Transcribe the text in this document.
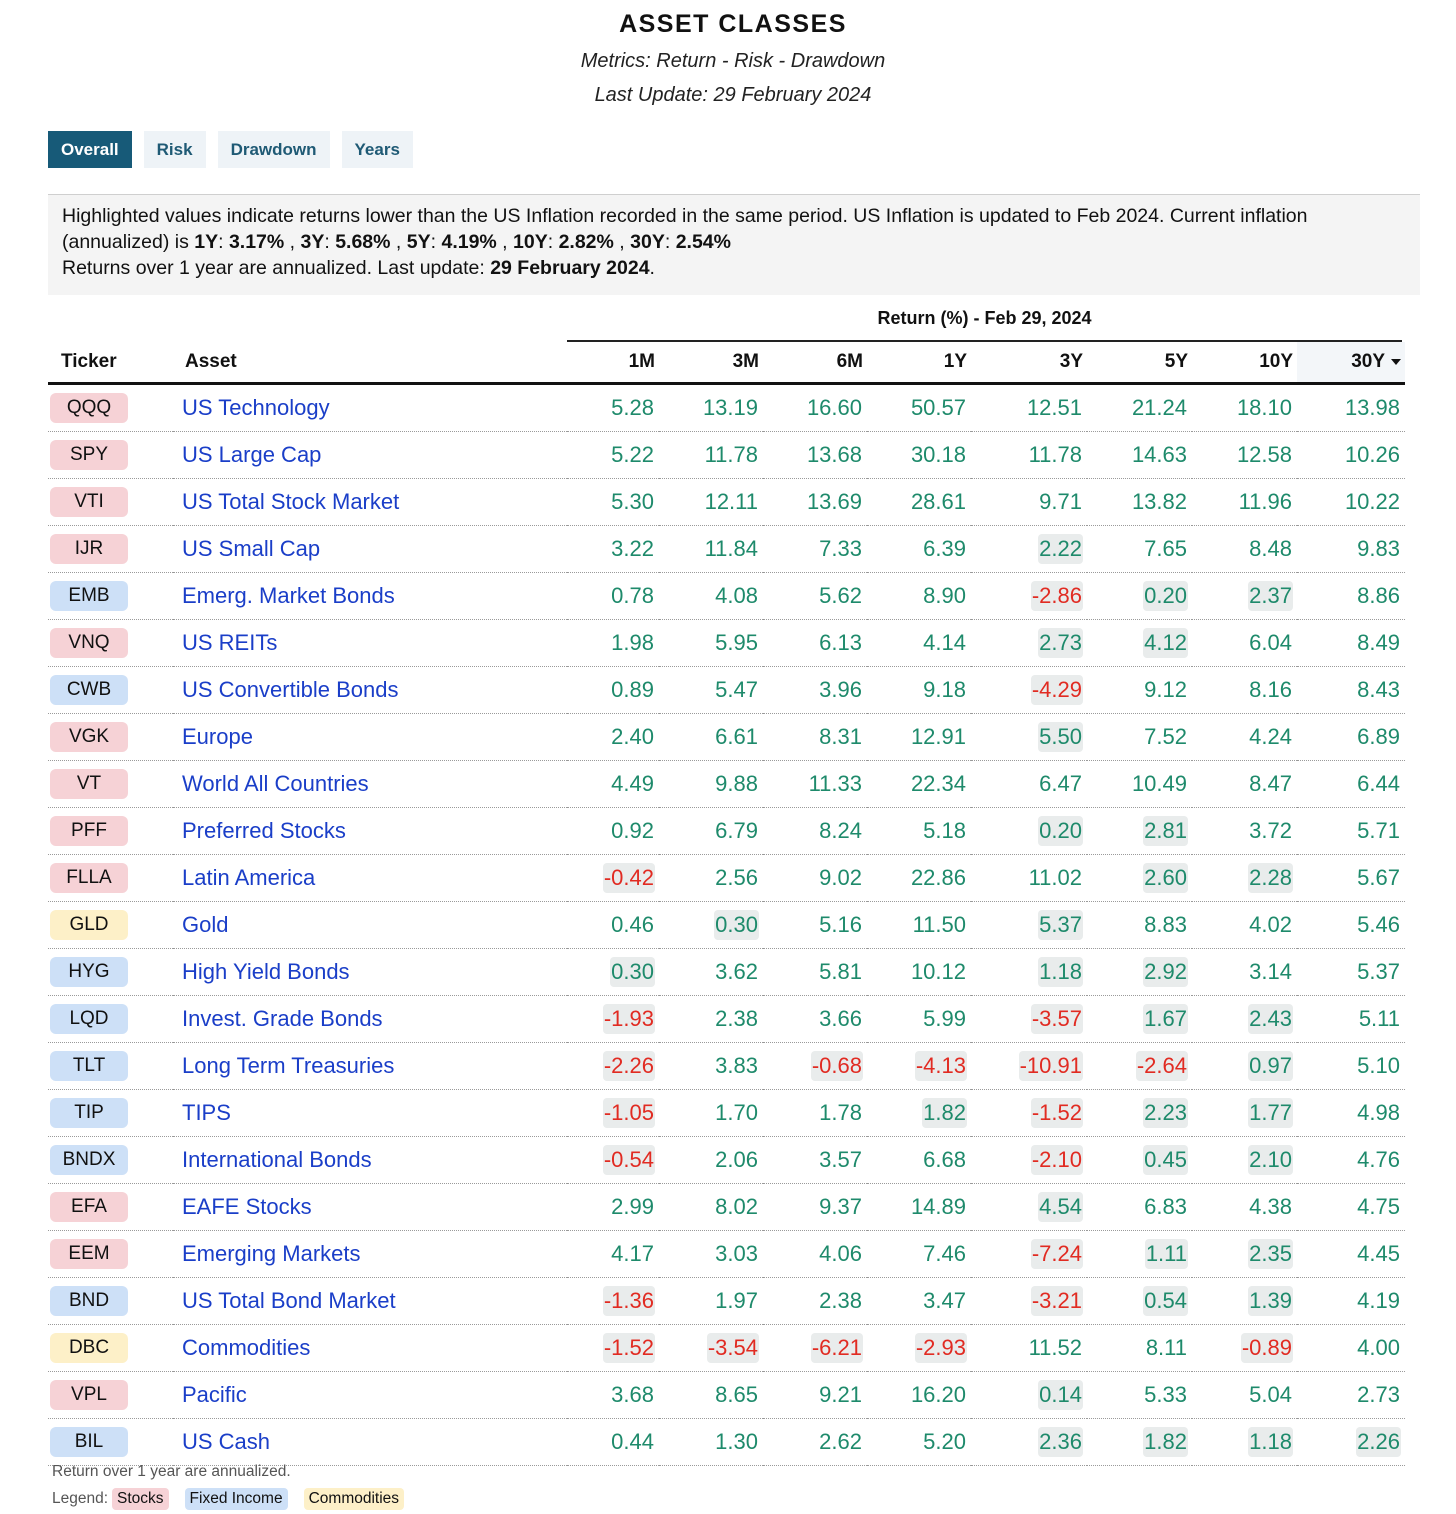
ASSET CLASSES
Metrics: Return - Risk - Drawdown
Last Update: 29 February 2024
Overall	Risk	Drawdown	Years
Highlighted values indicate returns lower than the US Inflation recorded in the same period. US Inflation is updated to Feb 2024. Current inflation (annualized) is 1Y: 3.17% , 3Y: 5.68% , 5Y: 4.19% , 10Y: 2.82% , 30Y: 2.54%
Returns over 1 year are annualized. Last update: 29 February 2024.
Return (%) - Feb 29, 2024
Ticker	Asset	1M	3M	6M	1Y	3Y	5Y	10Y	30Y
QQQ	US Technology	5.28	13.19	16.60	50.57	12.51	21.24	18.10	13.98
SPY	US Large Cap	5.22	11.78	13.68	30.18	11.78	14.63	12.58	10.26
VTI	US Total Stock Market	5.30	12.11	13.69	28.61	9.71	13.82	11.96	10.22
IJR	US Small Cap	3.22	11.84	7.33	6.39	2.22	7.65	8.48	9.83
EMB	Emerg. Market Bonds	0.78	4.08	5.62	8.90	-2.86	0.20	2.37	8.86
VNQ	US REITs	1.98	5.95	6.13	4.14	2.73	4.12	6.04	8.49
CWB	US Convertible Bonds	0.89	5.47	3.96	9.18	-4.29	9.12	8.16	8.43
VGK	Europe	2.40	6.61	8.31	12.91	5.50	7.52	4.24	6.89
VT	World All Countries	4.49	9.88	11.33	22.34	6.47	10.49	8.47	6.44
PFF	Preferred Stocks	0.92	6.79	8.24	5.18	0.20	2.81	3.72	5.71
FLLA	Latin America	-0.42	2.56	9.02	22.86	11.02	2.60	2.28	5.67
GLD	Gold	0.46	0.30	5.16	11.50	5.37	8.83	4.02	5.46
HYG	High Yield Bonds	0.30	3.62	5.81	10.12	1.18	2.92	3.14	5.37
LQD	Invest. Grade Bonds	-1.93	2.38	3.66	5.99	-3.57	1.67	2.43	5.11
TLT	Long Term Treasuries	-2.26	3.83	-0.68	-4.13	-10.91	-2.64	0.97	5.10
TIP	TIPS	-1.05	1.70	1.78	1.82	-1.52	2.23	1.77	4.98
BNDX	International Bonds	-0.54	2.06	3.57	6.68	-2.10	0.45	2.10	4.76
EFA	EAFE Stocks	2.99	8.02	9.37	14.89	4.54	6.83	4.38	4.75
EEM	Emerging Markets	4.17	3.03	4.06	7.46	-7.24	1.11	2.35	4.45
BND	US Total Bond Market	-1.36	1.97	2.38	3.47	-3.21	0.54	1.39	4.19
DBC	Commodities	-1.52	-3.54	-6.21	-2.93	11.52	8.11	-0.89	4.00
VPL	Pacific	3.68	8.65	9.21	16.20	0.14	5.33	5.04	2.73
BIL	US Cash	0.44	1.30	2.62	5.20	2.36	1.82	1.18	2.26
Return over 1 year are annualized.
Legend: Stocks	Fixed Income	Commodities
